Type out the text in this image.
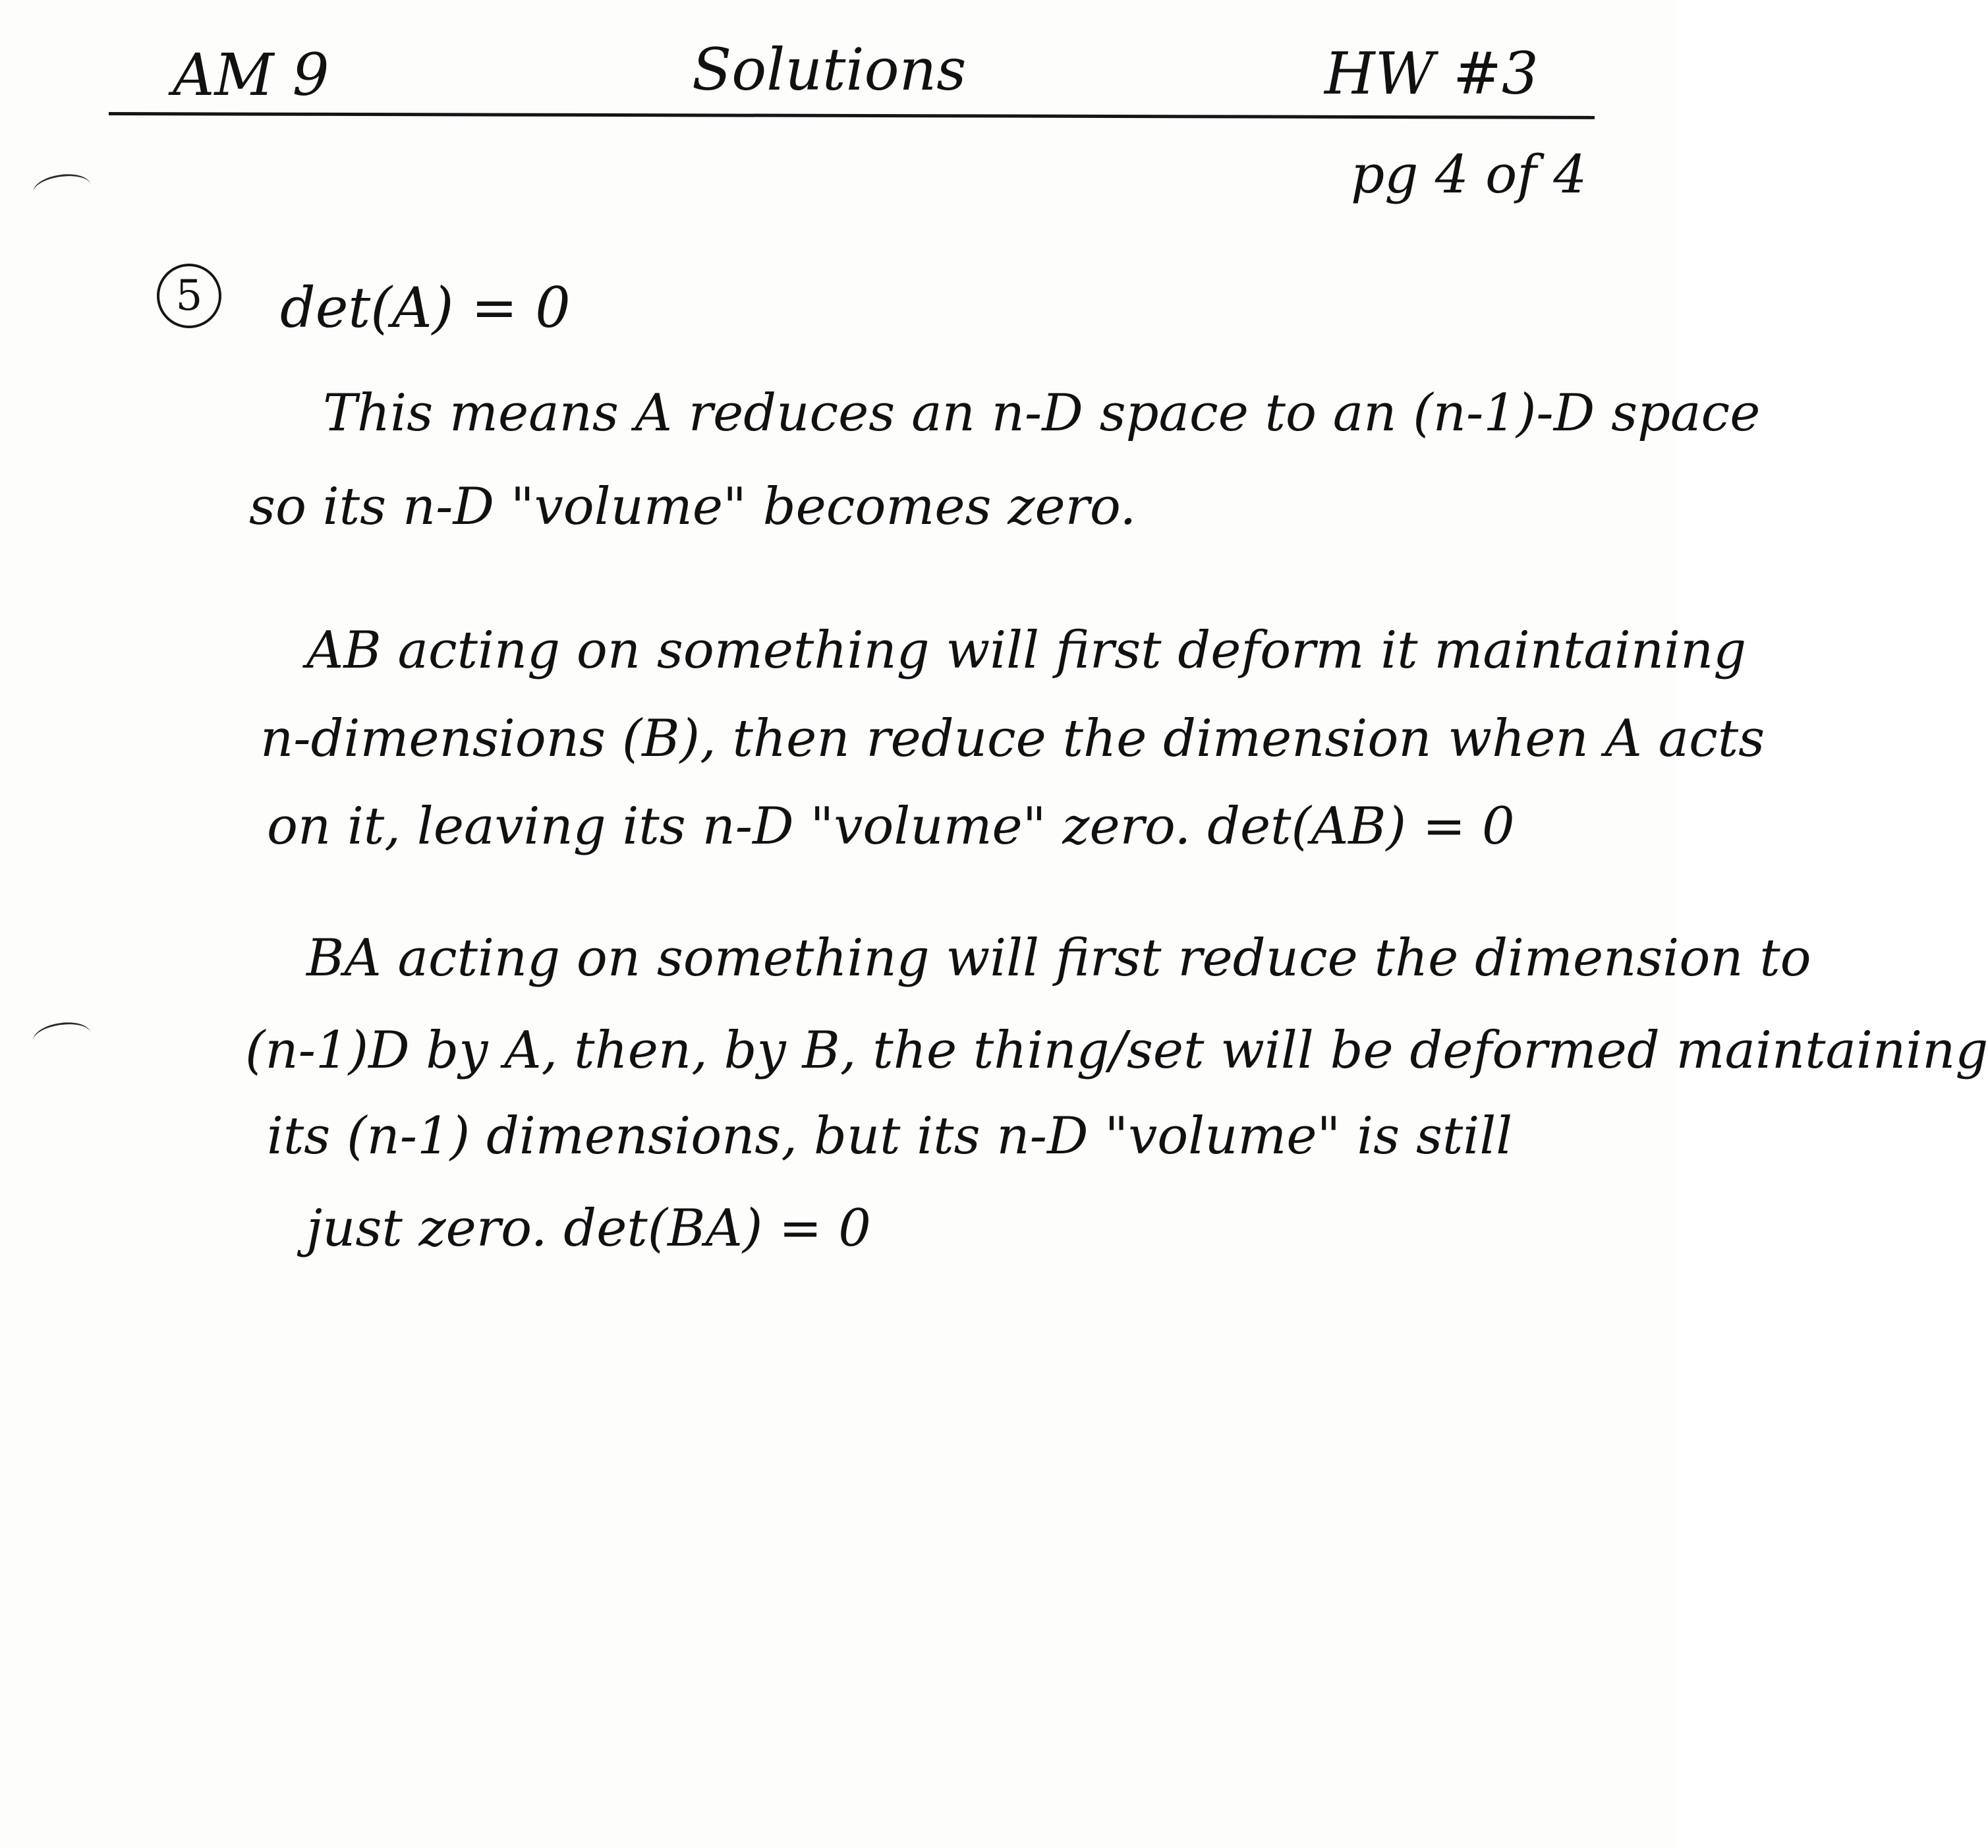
AM 9	Solutions	HW #3
pg 4 of 4
5	det(A) = 0
This means A reduces an n-D space to an (n-1)-D space
so its n-D "volume" becomes zero.
AB acting on something will first deform it maintaining
n-dimensions (B), then reduce the dimension when A acts
on it, leaving its n-D "volume" zero. det(AB) = 0
BA acting on something will first reduce the dimension to
(n-1)D by A, then, by B, the thing/set will be deformed maintaining
its (n-1) dimensions, but its n-D "volume" is still
just zero. det(BA) = 0
